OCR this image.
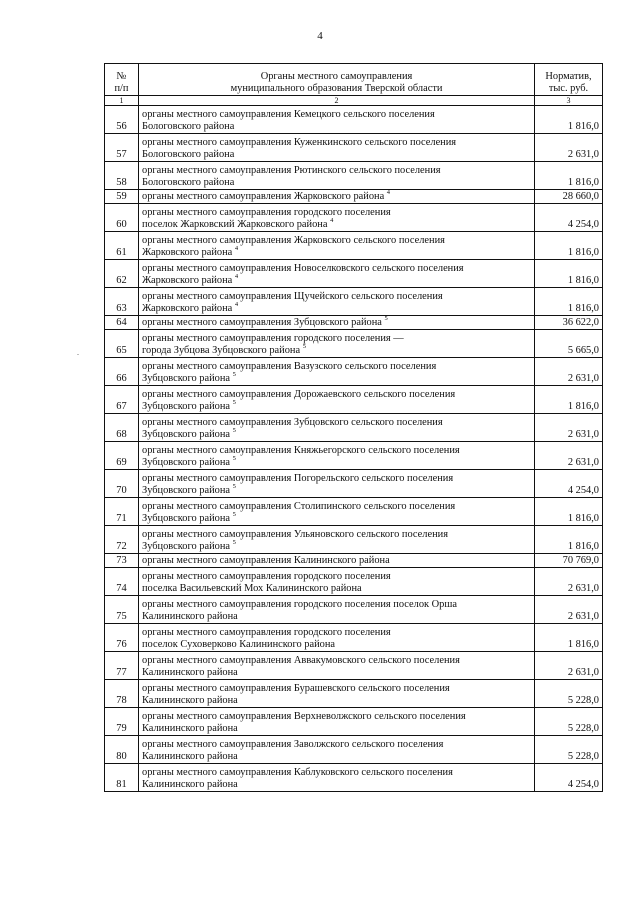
4
.
№
п/п	Органы местного самоуправления
муниципального образования Тверской области	Норматив,
тыс. руб.
1	2	3
56	органы местного самоуправления Кемецкого сельского поселения
Бологовского района	1 816,0
57	органы местного самоуправления Куженкинского сельского поселения
Бологовского района	2 631,0
58	органы местного самоуправления Рютинского сельского поселения
Бологовского района	1 816,0
59	органы местного самоуправления Жарковского района $^4$	28 660,0
60	органы местного самоуправления городского поселения
поселок Жарковский Жарковского района $^4$	4 254,0
61	органы местного самоуправления Жарковского сельского поселения
Жарковского района $^4$	1 816,0
62	органы местного самоуправления Новоселковского сельского поселения
Жарковского района $^4$	1 816,0
63	органы местного самоуправления Щучейского сельского поселения
Жарковского района $^4$	1 816,0
64	органы местного самоуправления Зубцовского района $^5$	36 622,0
65	органы местного самоуправления городского поселения —
города Зубцова Зубцовского района $^5$	5 665,0
66	органы местного самоуправления Вазузского сельского поселения
Зубцовского района $^5$	2 631,0
67	органы местного самоуправления Дорожаевского сельского поселения
Зубцовского района $^5$	1 816,0
68	органы местного самоуправления Зубцовского сельского поселения
Зубцовского района $^5$	2 631,0
69	органы местного самоуправления Княжьегорского сельского поселения
Зубцовского района $^5$	2 631,0
70	органы местного самоуправления Погорельского сельского поселения
Зубцовского района $^5$	4 254,0
71	органы местного самоуправления Столипинского сельского поселения
Зубцовского района $^5$	1 816,0
72	органы местного самоуправления Ульяновского сельского поселения
Зубцовского района $^5$	1 816,0
73	органы местного самоуправления Калининского района	70 769,0
74	органы местного самоуправления городского поселения
поселка Васильевский Мох Калининского района	2 631,0
75	органы местного самоуправления городского поселения поселок Орша
Калининского района	2 631,0
76	органы местного самоуправления городского поселения
поселок Суховерково Калининского района	1 816,0
77	органы местного самоуправления Аввакумовского сельского поселения
Калининского района	2 631,0
78	органы местного самоуправления Бурашевского сельского поселения
Калининского района	5 228,0
79	органы местного самоуправления Верхневолжского сельского поселения
Калининского района	5 228,0
80	органы местного самоуправления Заволжского сельского поселения
Калининского района	5 228,0
81	органы местного самоуправления Каблуковского сельского поселения
Калининского района	4 254,0
